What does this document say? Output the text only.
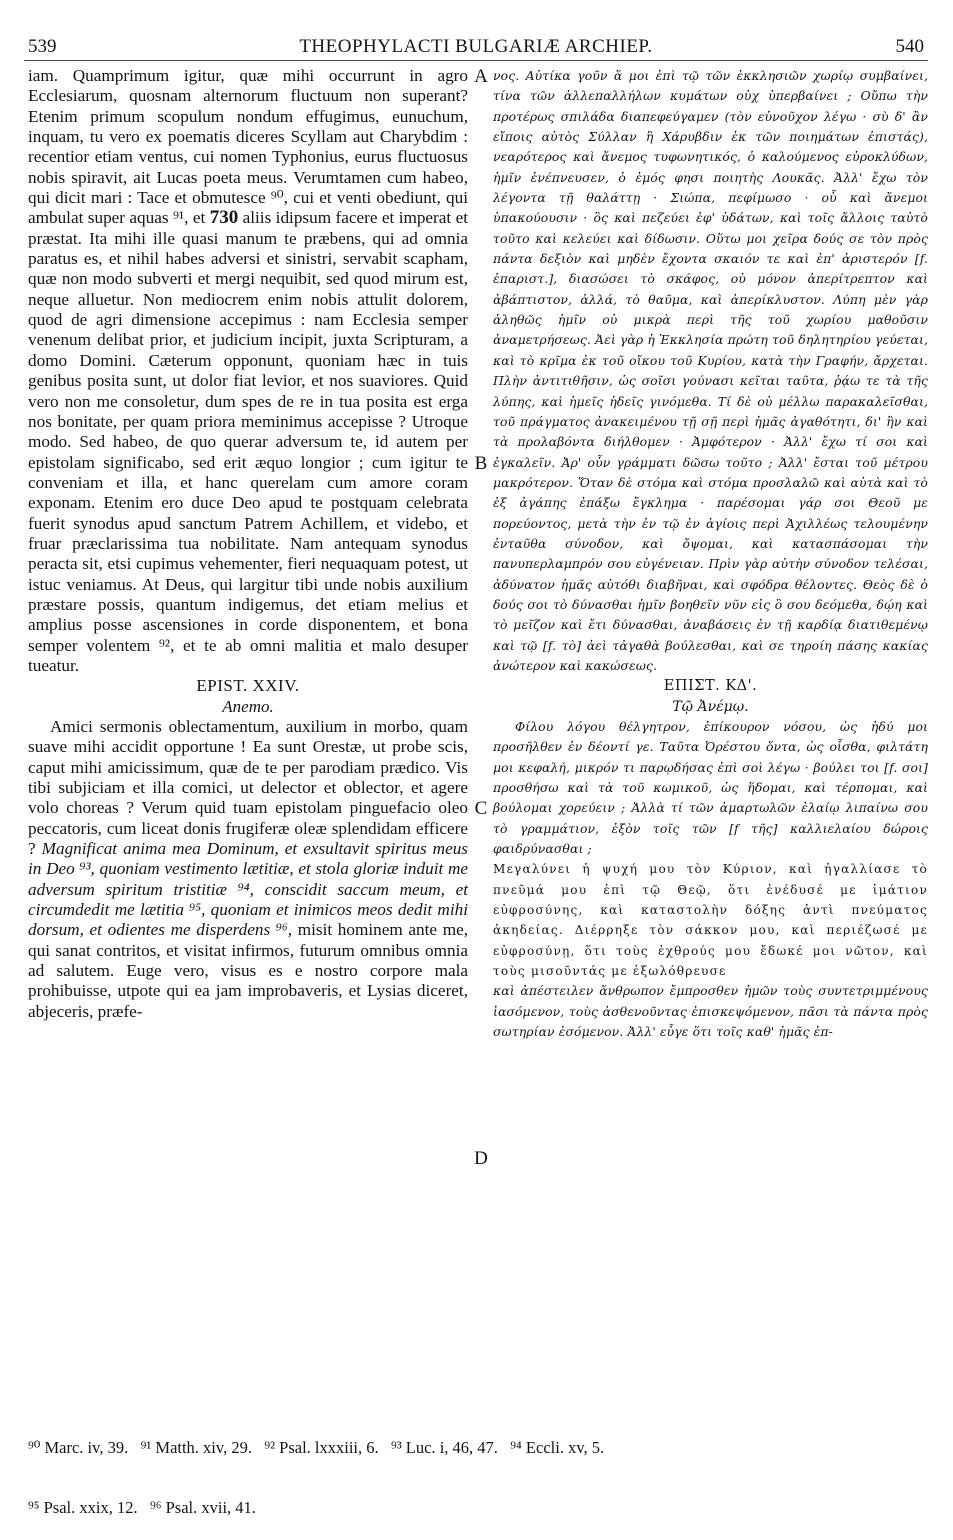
539	THEOPHYLACTI BULGARIÆ ARCHIEP.	540

iam. Quamprimum igitur, quæ mihi occurrunt in agro Ecclesiarum, quosnam alternorum fluctuum non superant? Etenim primum scopulum nondum effugimus, eunuchum, inquam, tu vero ex poematis diceres Scyllam aut Charybdim : recentior etiam ventus, cui nomen Typhonius, eurus fluctuosus nobis spiravit, ait Lucas poeta meus. Verumtamen cum habeo, qui dicit mari : Tace et obmutesce ⁹⁰, cui et venti obediunt, qui ambulat super aquas ⁹¹, et 730 aliis idipsum facere et imperat et præstat. Ita mihi ille quasi manum te præbens, qui ad omnia paratus es, et nihil habes adversi et sinistri, servabit scapham, quæ non modo subverti et mergi nequibit, sed quod mirum est, neque alluetur. Non mediocrem enim nobis attulit dolorem, quod de agri dimensione accepimus : nam Ecclesia semper venenum delibat prior, et judicium incipit, juxta Scripturam, a domo Domini. Cæterum opponunt, quoniam hæc in tuis genibus posita sunt, ut dolor fiat levior, et nos suaviores. Quid vero non me consoletur, dum spes de re in tua posita est erga nos bonitate, per quam priora meminimus accepisse ? Utroque modo. Sed habeo, de quo querar adversum te, id autem per epistolam significabo, sed erit æquo longior ; cum igitur te conveniam et illa, et hanc querelam cum amore coram exponam. Etenim ero duce Deo apud te postquam celebrata fuerit synodus apud sanctum Patrem Achillem, et videbo, et fruar præclarissima tua nobilitate. Nam antequam synodus peracta sit, etsi cupimus vehementer, fieri nequaquam potest, ut istuc veniamus. At Deus, qui largitur tibi unde nobis auxilium præstare possis, quantum indigemus, det etiam melius et amplius posse ascensiones in corde disponentem, et bona semper volentem ⁹², et te ab omni malitia et malo desuper tueatur.

EPIST. XXIV.
Anemo.

Amici sermonis oblectamentum, auxilium in morbo, quam suave mihi accidit opportune ! Ea sunt Orestæ, ut probe scis, caput mihi amicissimum, quæ de te per parodiam prædico. Vis tibi subjiciam et illa comici, ut delector et oblector, et agere volo choreas ? Verum quid tuam epistolam pinguefacio oleo peccatoris, cum liceat donis frugiferæ oleæ splendidam efficere ? Magnificat anima mea Dominum, et exsultavit spiritus meus in Deo ⁹³, quoniam vestimento lætitiæ, et stola gloriæ induit me adversum spiritum tristitiæ ⁹⁴, conscidit saccum meum, et circumdedit me lætitia ⁹⁵, quoniam et inimicos meos dedit mihi dorsum, et odientes me disperdens ⁹⁶, misit hominem ante me, qui sanat contritos, et visitat infirmos, futurum omnibus omnia ad salutem. Euge vero, visus es e nostro corpore mala prohibuisse, utpote qui ea jam improbaveris, et Lysias diceret, abjeceris, præfe-

νος. Αὐτίκα γοῦν ἅ μοι ἐπὶ τῷ τῶν ἐκκλησιῶν χωρίῳ συμβαίνει, τίνα τῶν ἀλλεπαλλήλων κυμάτων οὐχ ὑπερβαίνει ; Οὔπω τὴν προτέρως σπιλάδα διαπεφεύγαμεν (τὸν εὐνοῦχον λέγω · σὺ δ' ἂν εἴποις αὐτὸς Σύλλαν ἢ Χάρυβδιν ἐκ τῶν ποιημάτων ἐπιστάς), νεαρότερος καὶ ἄνεμος τυφωνητικός, ὁ καλούμενος εὐροκλύδων, ἡμῖν ἐνέπνευσεν, ὁ ἐμός φησι ποιητὴς Λουκᾶς. Ἀλλ' ἔχω τὸν λέγοντα τῇ θαλάττῃ · Σιώπα, πεφίμωσο · οὗ καὶ ἄνεμοι ὑπακούουσιν · ὃς καὶ πεζεύει ἐφ' ὑδάτων, καὶ τοῖς ἄλλοις ταὐτὸ τοῦτο καὶ κελεύει καὶ δίδωσιν. Οὕτω μοι χεῖρα δούς σε τὸν πρὸς πάντα δεξιὸν καὶ μηδὲν ἔχοντα σκαιόν τε καὶ ἐπ' ἀριστερόν [f. ἐπαριστ.], διασώσει τὸ σκάφος, οὐ μόνον ἀπερίτρεπτον καὶ ἀβάπτιστον, ἀλλά, τὸ θαῦμα, καὶ ἀπερίκλυστον. Λύπη μὲν γὰρ ἀληθῶς ἡμῖν οὐ μικρὰ περὶ τῆς τοῦ χωρίου μαθοῦσιν ἀναμετρήσεως. Ἀεὶ γὰρ ἡ Ἐκκλησία πρώτη τοῦ δηλητηρίου γεύεται, καὶ τὸ κρῖμα ἐκ τοῦ οἴκου τοῦ Κυρίου, κατὰ τὴν Γραφήν, ἄρχεται. Πλὴν ἀντιτιθῆσιν, ὡς σοῖσι γούνασι κεῖται ταῦτα, ῥᾴω τε τὰ τῆς λύπης, καὶ ἡμεῖς ἡδεῖς γινόμεθα. Τί δὲ οὐ μέλλω παρακαλεῖσθαι, τοῦ πράγματος ἀνακειμένου τῇ σῇ περὶ ἡμᾶς ἀγαθότητι, δι' ἣν καὶ τὰ προλαβόντα διήλθομεν · Ἀμφότερον · Ἀλλ' ἔχω τί σοι καὶ ἐγκαλεῖν. Ἀρ' οὖν γράμματι δῶσω τοῦτο ; Ἀλλ' ἔσται τοῦ μέτρου μακρότερον. Ὅταν δὲ στόμα καὶ στόμα προσλαλῶ καὶ αὐτὰ καὶ τὸ ἐξ ἀγάπης ἐπάξω ἔγκλημα · παρέσομαι γάρ σοι Θεοῦ με πορεύοντος, μετὰ τὴν ἐν τῷ ἐν ἁγίοις περὶ Ἀχιλλέως τελουμένην ἐνταῦθα σύνοδον, καὶ ὄψομαι, καὶ κατασπάσομαι τὴν πανυπερλαμπρόν σου εὐγένειαν. Πρὶν γὰρ αὐτὴν σύνοδον τελέσαι, ἀδύνατον ἡμᾶς αὐτόθι διαβῆναι, καὶ σφόδρα θέλοντες. Θεὸς δὲ ὁ δούς σοι τὸ δύνασθαι ἡμῖν βοηθεῖν νῦν εἰς ὃ σου δεόμεθα, δῴη καὶ τὸ μεῖζον καὶ ἔτι δύνασθαι, ἀναβάσεις ἐν τῇ καρδίᾳ διατιθεμένῳ καὶ τῷ [f. τὸ] ἀεὶ τἀγαθὰ βούλεσθαι, καὶ σε τηροίη πάσης κακίας ἀνώτερον καὶ κακώσεως.

ΕΠΙΣΤ. ΚΔ'.
Τῷ Ἀνέμῳ.

Φίλου λόγου θέλγητρον, ἐπίκουρον νόσου, ὡς ἡδύ μοι προσῆλθεν ἐν δέοντί γε. Ταῦτα Ὀρέστου ὄντα, ὡς οἶσθα, φιλτάτη μοι κεφαλή, μικρόν τι παρῳδήσας ἐπὶ σοὶ λέγω · βούλει τοι [f. σοι] προσθήσω καὶ τὰ τοῦ κωμικοῦ, ὡς ἥδομαι, καὶ τέρπομαι, καὶ βούλομαι χορεύειν ; Ἀλλὰ τί τῶν ἁμαρτωλῶν ἐλαίῳ λιπαίνω σου τὸ γραμμάτιον, ἐξὸν τοῖς τῶν [f τῆς] καλλιελαίου δώροις φαιδρύνασθαι ;

Μεγαλύνει ἡ ψυχή μου τὸν Κύριον, καὶ ἠγαλλίασε τὸ πνεῦμά μου ἐπὶ τῷ Θεῷ, ὅτι ἐνέδυσέ με ἱμάτιον εὐφροσύνης, καὶ καταστολὴν δόξης ἀντὶ πνεύματος ἀκηδείας. Διέρρηξε τὸν σάκκον μου, καὶ περιέζωσέ με εὐφροσύνῃ, ὅτι τοὺς ἐχθρούς μου ἔδωκέ μοι νῶτον, καὶ τοὺς μισοῦντάς με ἐξωλόθρευσε

καὶ ἀπέστειλεν ἄνθρωπον ἔμπροσθεν ἡμῶν τοὺς συντετριμμένους ἰασόμενον, τοὺς ἀσθενοῦντας ἐπισκεψόμενον, πᾶσι τὰ πάντα πρὸς σωτηρίαν ἐσόμενον. Ἀλλ' εὖγε ὅτι τοῖς καθ' ἡμᾶς ἐπ-

A
B
C
D

⁹⁰ Marc. iv, 39.   ⁹¹ Matth. xiv, 29.   ⁹² Psal. lxxxiii, 6.   ⁹³ Luc. i, 46, 47.   ⁹⁴ Eccli. xv, 5.

⁹⁵ Psal. xxix, 12.   ⁹⁶ Psal. xvii, 41.
